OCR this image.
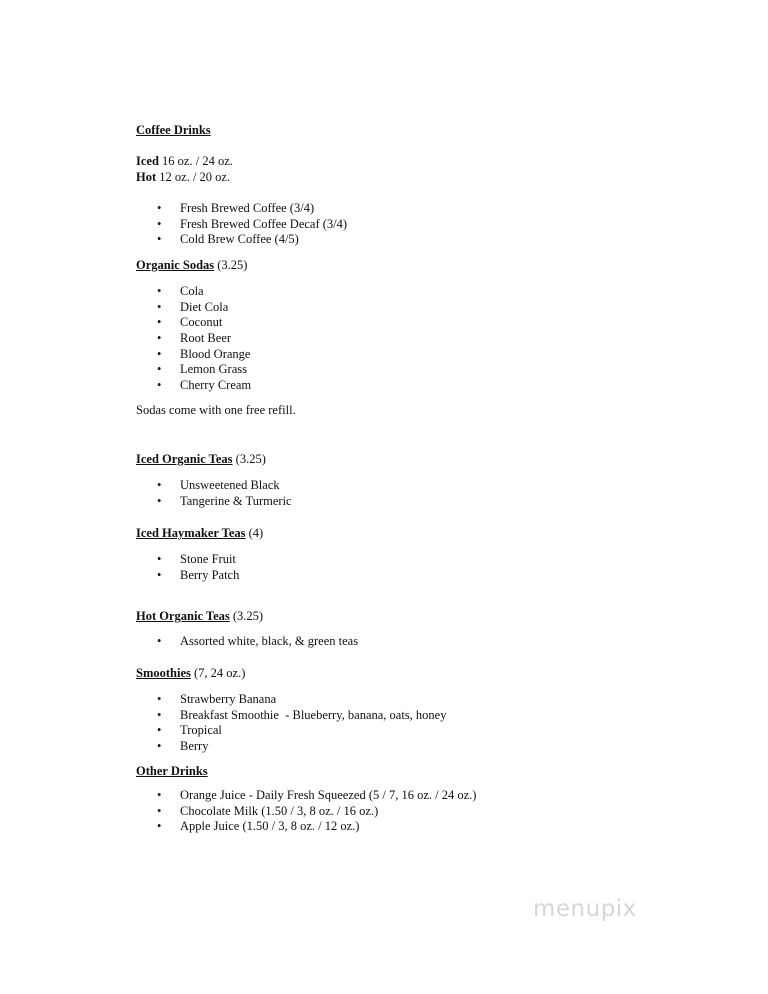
Coffee Drinks
Iced 16 oz. / 24 oz.
Hot 12 oz. / 20 oz.
• Fresh Brewed Coffee (3/4)
• Fresh Brewed Coffee Decaf (3/4)
• Cold Brew Coffee (4/5)
Organic Sodas (3.25)
• Cola
• Diet Cola
• Coconut
• Root Beer
• Blood Orange
• Lemon Grass
• Cherry Cream
Sodas come with one free refill.
Iced Organic Teas (3.25)
• Unsweetened Black
• Tangerine & Turmeric
Iced Haymaker Teas (4)
• Stone Fruit
• Berry Patch
Hot Organic Teas (3.25)
• Assorted white, black, & green teas
Smoothies (7, 24 oz.)
• Strawberry Banana
• Breakfast Smoothie  - Blueberry, banana, oats, honey
• Tropical
• Berry
Other Drinks
• Orange Juice - Daily Fresh Squeezed (5 / 7, 16 oz. / 24 oz.)
• Chocolate Milk (1.50 / 3, 8 oz. / 16 oz.)
• Apple Juice (1.50 / 3, 8 oz. / 12 oz.)
menupix
